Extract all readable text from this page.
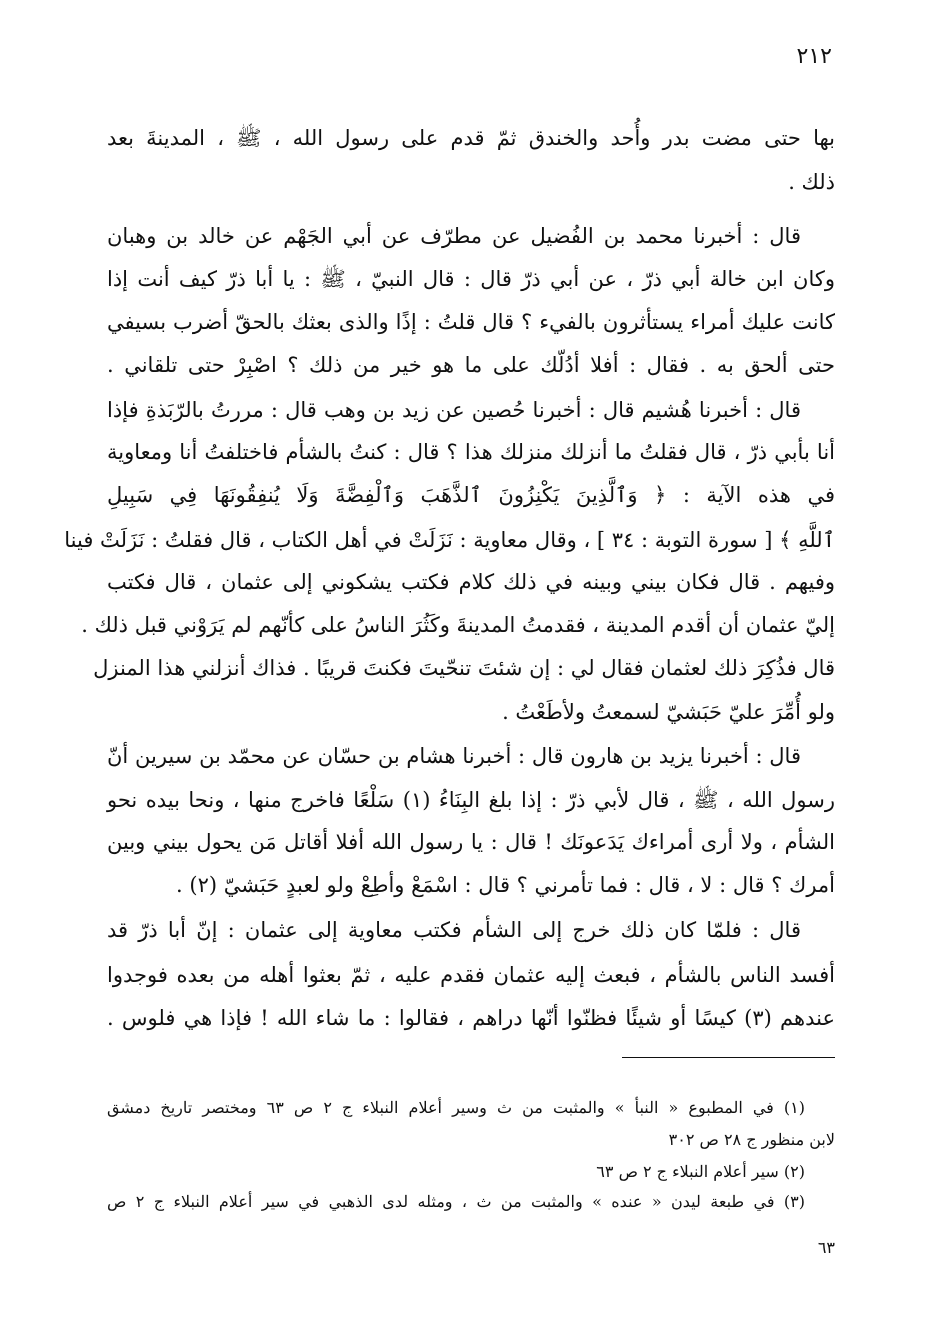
٢١٢
بها حتى مضت بدر وأُحد والخندق ثمّ قدم على رسول الله ، ﷺ ، المدينةَ بعد
ذلك .
قال : أخبرنا محمد بن الفُضيل عن مطرّف عن أبي الجَهْم عن خالد بن وهبان
وكان ابن خالة أبي ذرّ ، عن أبي ذرّ قال : قال النبيّ ، ﷺ : يا أبا ذرّ كيف أنت إذا
كانت عليك أمراء يستأثرون بالفيء ؟ قال قلتُ : إذًا والذى بعثك بالحقّ أضرب بسيفي
حتى ألحق به . فقال : أفلا أدُلّك على ما هو خير من ذلك ؟ اصْبِرْ حتى تلقاني .
قال : أخبرنا هُشيم قال : أخبرنا حُصين عن زيد بن وهب قال : مررتُ بالرّبَذةِ فإذا
أنا بأبي ذرّ ، قال فقلتُ ما أنزلك منزلك هذا ؟ قال : كنتُ بالشأم فاختلفتُ أنا ومعاوية
في هذه الآية : ﴿ وَٱلَّذِينَ يَكْنِزُونَ ٱلذَّهَبَ وَٱلْفِضَّةَ وَلَا يُنفِقُونَهَا فِي سَبِيلِ
ٱللَّهِ ﴾ [ سورة التوبة : ٣٤ ] ، وقال معاوية : نَزَلَتْ في أهل الكتاب ، قال فقلتُ : نَزَلَتْ فينا
وفيهم . قال فكان بيني وبينه في ذلك كلام فكتب يشكوني إلى عثمان ، قال فكتب
إليّ عثمان أن أقدم المدينة ، فقدمتُ المدينةَ وكَثُرَ الناسُ على كأنّهم لم يَرَوْني قبل ذلك .
قال فذُكِرَ ذلك لعثمان فقال لي : إن شئتَ تنحّيتَ فكنتَ قريبًا . فذاك أنزلني هذا المنزل
ولو أُمِّرَ عليّ حَبَشيّ لسمعتُ ولأطَعْتُ .
قال : أخبرنا يزيد بن هارون قال : أخبرنا هشام بن حسّان عن محمّد بن سيرين أنّ
رسول الله ، ﷺ ، قال لأبي ذرّ : إذا بلغ البِنَاءُ (١) سَلْعًا فاخرج منها ، ونحا بيده نحو
الشأم ، ولا أرى أمراءك يَدَعونَك ! قال : يا رسول الله أفلا أقاتل مَن يحول بيني وبين
أمرك ؟ قال : لا ، قال : فما تأمرني ؟ قال : اسْمَعْ وأطِعْ ولو لعبدٍ حَبَشيّ (٢) .
قال : فلمّا كان ذلك خرج إلى الشأم فكتب معاوية إلى عثمان : إنّ أبا ذرّ قد
أفسد الناس بالشأم ، فبعث إليه عثمان فقدم عليه ، ثمّ بعثوا أهله من بعده فوجدوا
عندهم (٣) كيسًا أو شيئًا فظنّوا أنّها دراهم ، فقالوا : ما شاء الله ! فإذا هي فلوس .
(١) في المطبوع « النبأ » والمثبت من ث وسير أعلام النبلاء ج ٢ ص ٦٣ ومختصر تاريخ دمشق
لابن منظور ج ٢٨ ص ٣٠٢
(٢) سير أعلام النبلاء ج ٢ ص ٦٣
(٣) في طبعة ليدن « عنده » والمثبت من ث ، ومثله لدى الذهبي في سير أعلام النبلاء ج ٢ ص
٦٣
